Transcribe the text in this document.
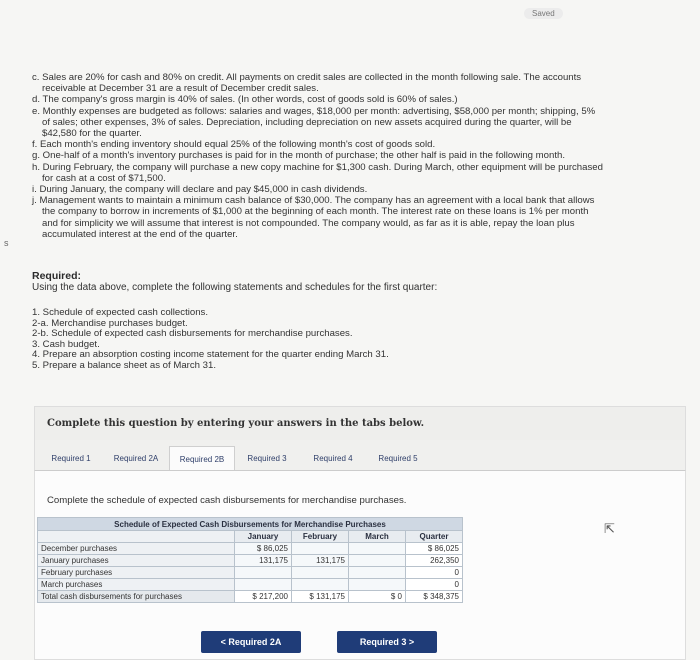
Saved
s

c. Sales are 20% for cash and 80% on credit. All payments on credit sales are collected in the month following sale. The accounts

receivable at December 31 are a result of December credit sales.

d. The company's gross margin is 40% of sales. (In other words, cost of goods sold is 60% of sales.)

e. Monthly expenses are budgeted as follows: salaries and wages, $18,000 per month: advertising, $58,000 per month; shipping, 5%

of sales; other expenses, 3% of sales. Depreciation, including depreciation on new assets acquired during the quarter, will be

$42,580 for the quarter.

f. Each month's ending inventory should equal 25% of the following month's cost of goods sold.

g. One-half of a month's inventory purchases is paid for in the month of purchase; the other half is paid in the following month.

h. During February, the company will purchase a new copy machine for $1,300 cash. During March, other equipment will be purchased

for cash at a cost of $71,500.

i. During January, the company will declare and pay $45,000 in cash dividends.

j. Management wants to maintain a minimum cash balance of $30,000. The company has an agreement with a local bank that allows

the company to borrow in increments of $1,000 at the beginning of each month. The interest rate on these loans is 1% per month

and for simplicity we will assume that interest is not compounded. The company would, as far as it is able, repay the loan plus

accumulated interest at the end of the quarter.

Required:
Using the data above, complete the following statements and schedules for the first quarter:
1. Schedule of expected cash collections.
2-a. Merchandise purchases budget.
2-b. Schedule of expected cash disbursements for merchandise purchases.
3. Cash budget.
4. Prepare an absorption costing income statement for the quarter ending March 31.
5. Prepare a balance sheet as of March 31.
Complete this question by entering your answers in the tabs below.
Required 1	Required 2A	Required 2B	Required 3	Required 4	Required 5
Complete the schedule of expected cash disbursements for merchandise purchases.
Schedule of Expected Cash Disbursements for Merchandise Purchases				
	January	February	March	Quarter
December purchases	$ 86,025			$ 86,025
January purchases	131,175	131,175		262,350
February purchases				0
March purchases				0
Total cash disbursements for purchases	$ 217,200	$ 131,175	$ 0	$ 348,375
< Required 2A	Required 3 >
⇱
